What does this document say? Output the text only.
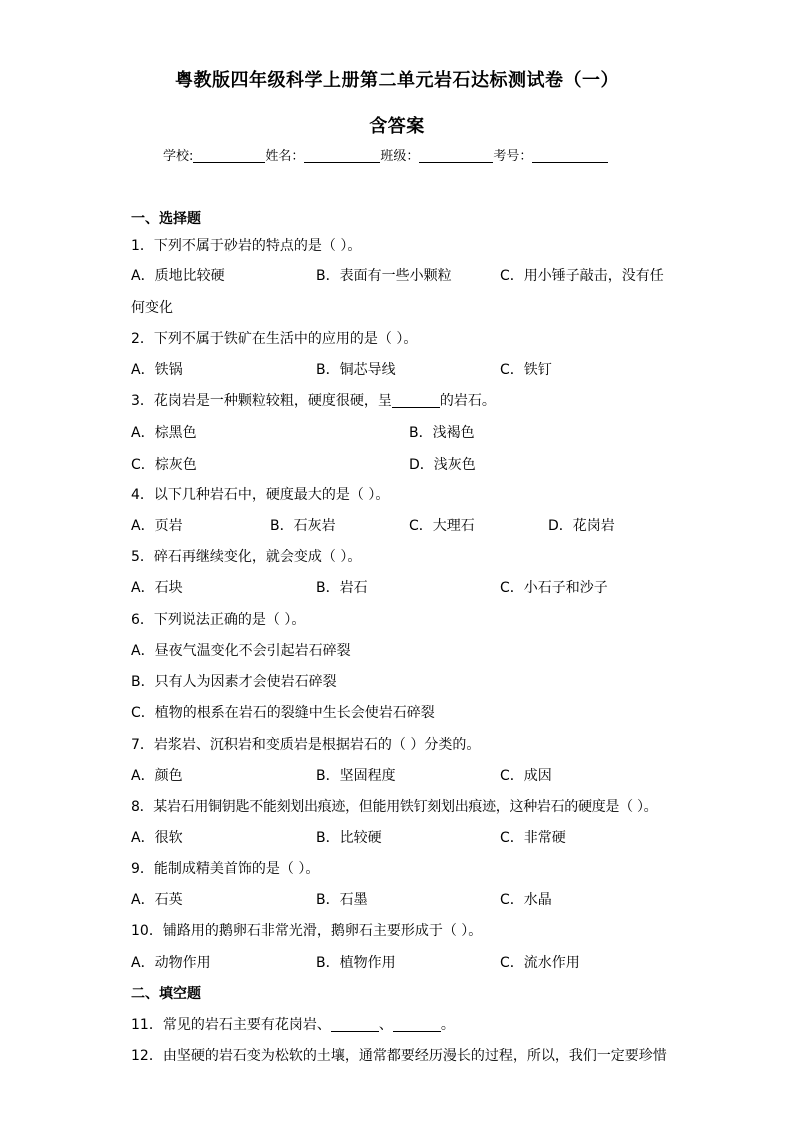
粤教版四年级科学上册第二单元岩石达标测试卷（一）
含答案
学校:	姓名：	班级：	考号：
一、选择题
1．下列不属于砂岩的特点的是（ ）。
A．质地比较硬	B．表面有一些小颗粒	C．用小锤子敲击，没有任
何变化
2．下列不属于铁矿在生活中的应用的是（ ）。
A．铁锅	B．铜芯导线	C．铁钉
3．花岗岩是一种颗粒较粗，硬度很硬，呈	的岩石。
A．棕黑色	B．浅褐色
C．棕灰色	D．浅灰色
4．以下几种岩石中，硬度最大的是（ ）。
A．页岩	B．石灰岩	C．大理石	D．花岗岩
5．碎石再继续变化，就会变成（ ）。
A．石块	B．岩石	C．小石子和沙子
6．下列说法正确的是（ ）。
A．昼夜气温变化不会引起岩石碎裂
B．只有人为因素才会使岩石碎裂
C．植物的根系在岩石的裂缝中生长会使岩石碎裂
7．岩浆岩、沉积岩和变质岩是根据岩石的（ ）分类的。
A．颜色	B．坚固程度	C．成因
8．某岩石用铜钥匙不能刻划出痕迹，但能用铁钉刻划出痕迹，这种岩石的硬度是（ ）。
A．很软	B．比较硬	C．非常硬
9．能制成精美首饰的是（ ）。
A．石英	B．石墨	C．水晶
10．铺路用的鹅卵石非常光滑，鹅卵石主要形成于（ ）。
A．动物作用	B．植物作用	C．流水作用
二、填空题
11．常见的岩石主要有花岗岩、	、	。
12．由坚硬的岩石变为松软的土壤，通常都要经历漫长的过程，所以，我们一定要珍惜
